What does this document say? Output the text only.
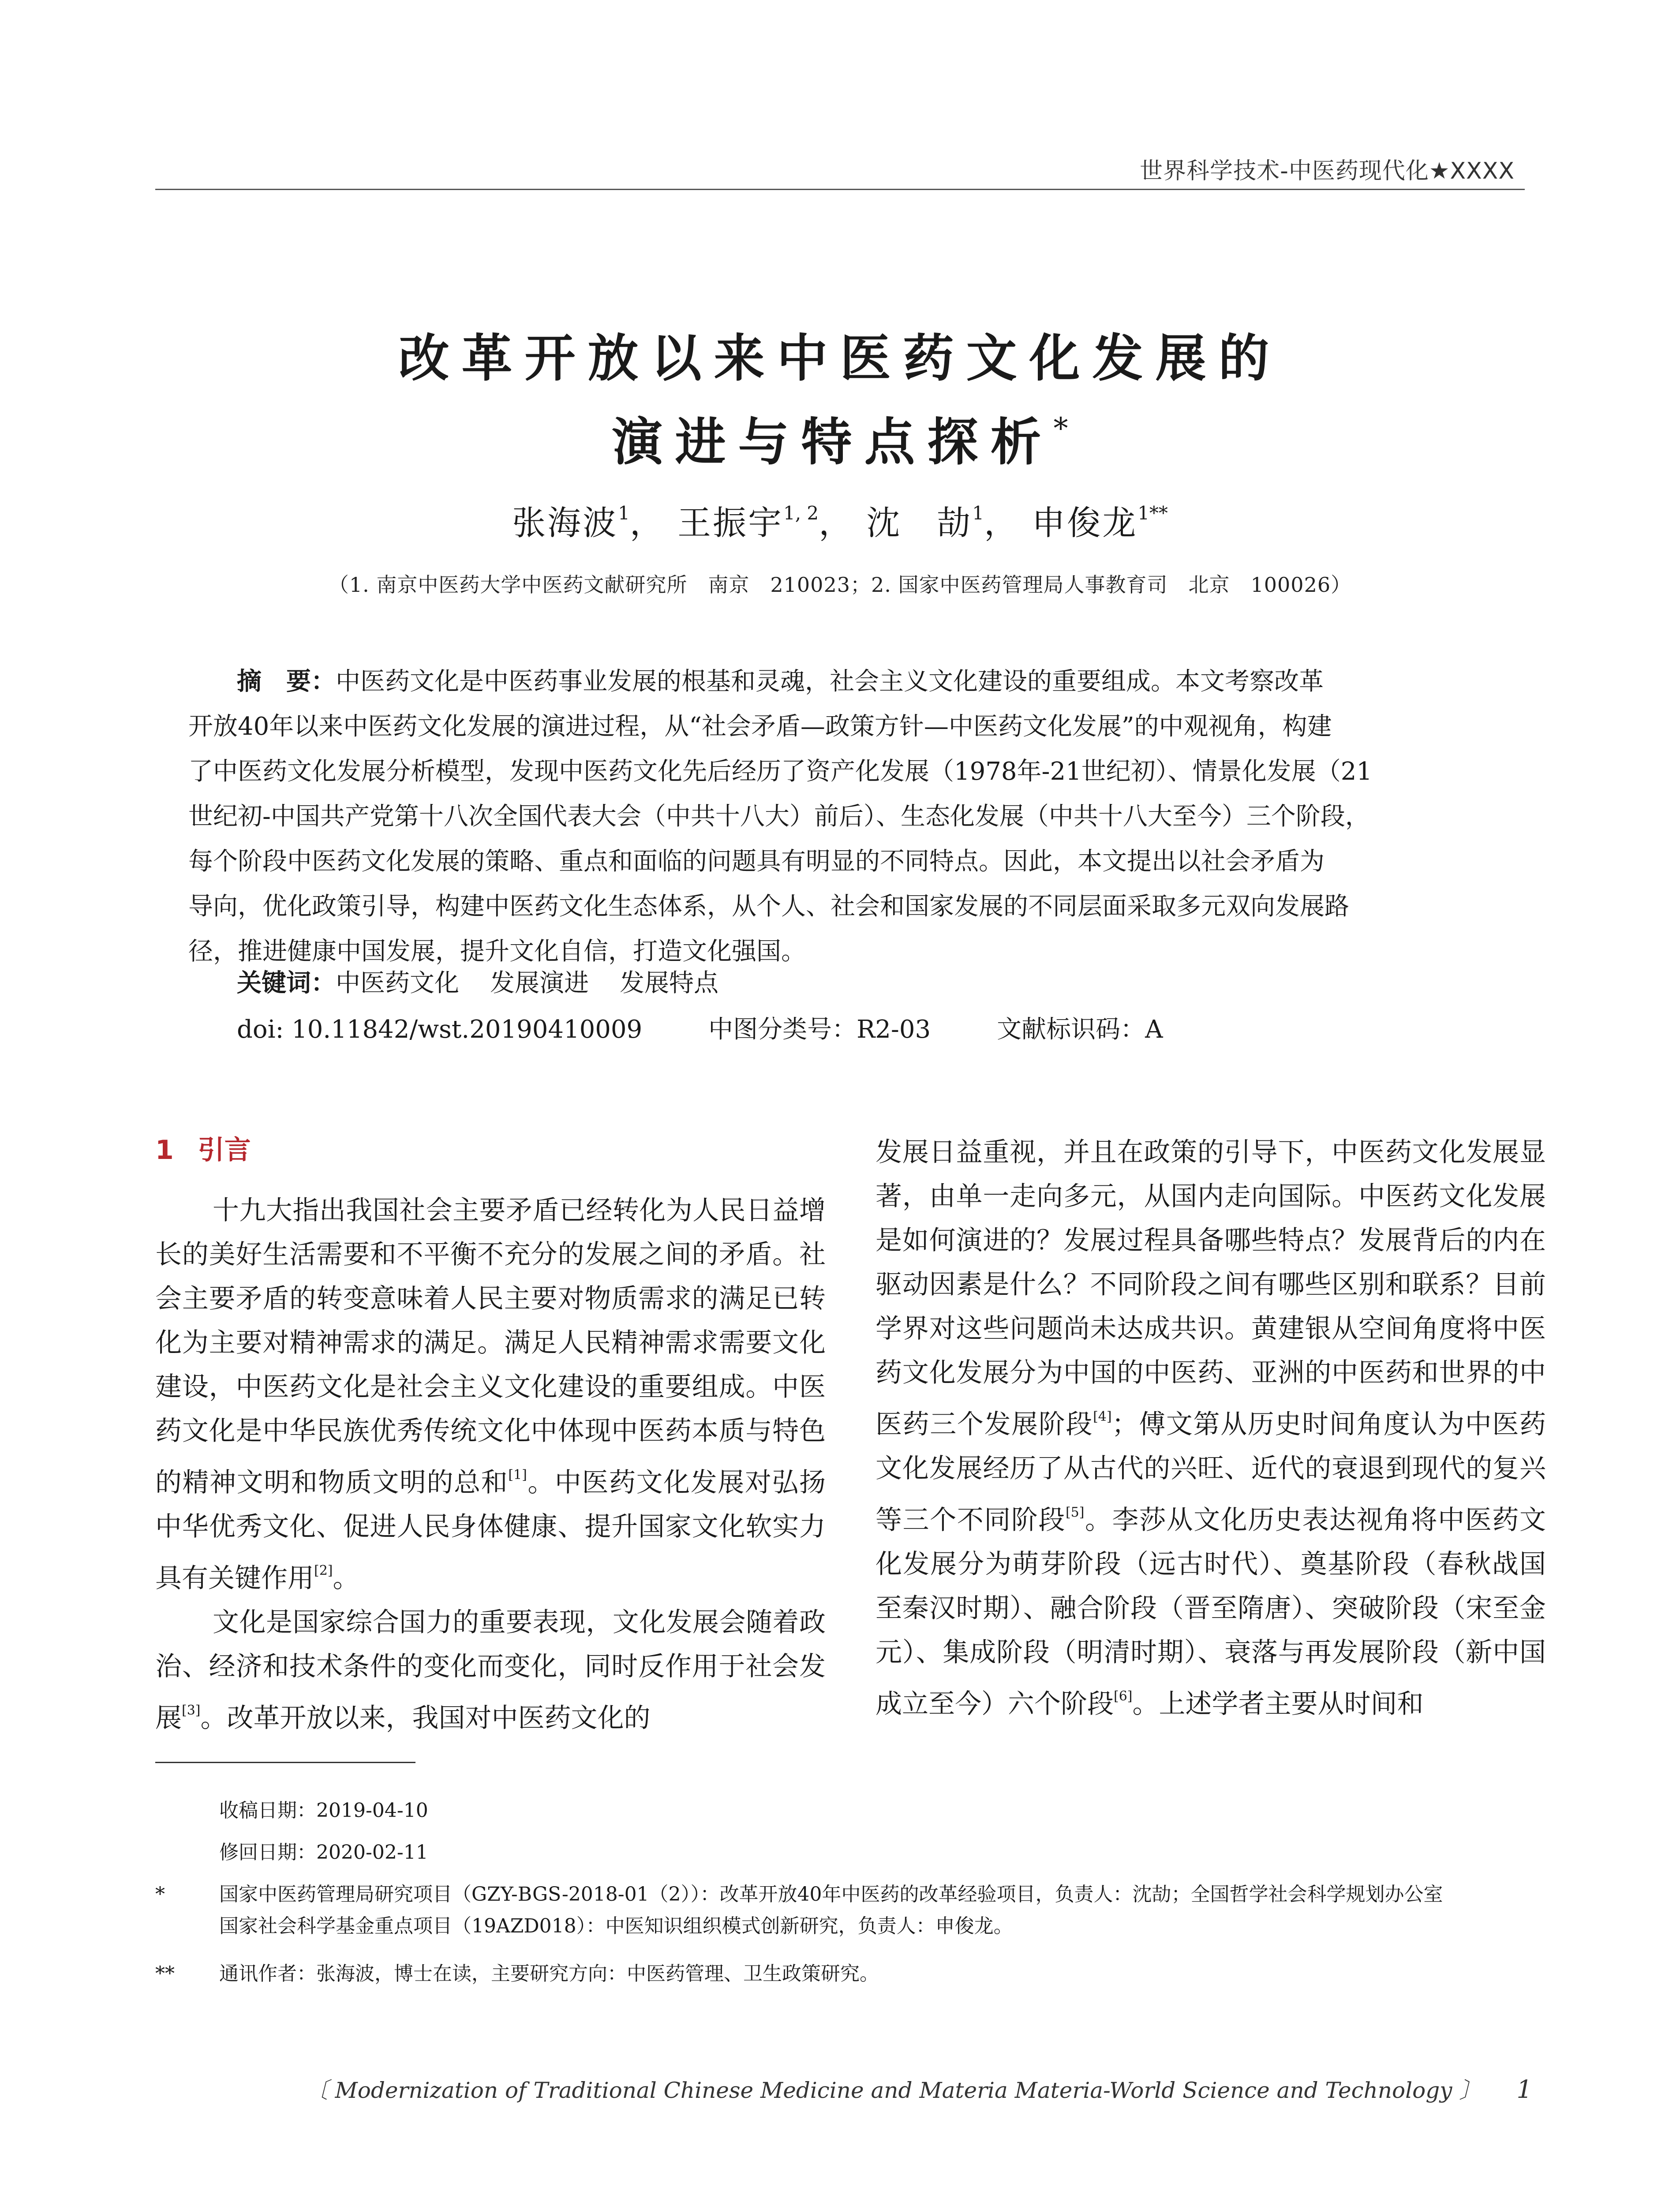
世界科学技术-中医药现代化★XXXX
改革开放以来中医药文化发展的
演进与特点探析*
张海波$^1$， 王振宇$^{1, 2}$， 沈　劼$^1$， 申俊龙$^{1**}$
（1. 南京中医药大学中医药文献研究所　南京　210023；2. 国家中医药管理局人事教育司　北京　100026）
摘　要：中医药文化是中医药事业发展的根基和灵魂，社会主义文化建设的重要组成。本文考察改革
开放40年以来中医药文化发展的演进过程，从“社会矛盾—政策方针—中医药文化发展”的中观视角，构建
了中医药文化发展分析模型，发现中医药文化先后经历了资产化发展（1978年-21世纪初）、情景化发展（21
世纪初-中国共产党第十八次全国代表大会（中共十八大）前后）、生态化发展（中共十八大至今）三个阶段，
每个阶段中医药文化发展的策略、重点和面临的问题具有明显的不同特点。因此，本文提出以社会矛盾为
导向，优化政策引导，构建中医药文化生态体系，从个人、社会和国家发展的不同层面采取多元双向发展路
径，推进健康中国发展，提升文化自信，打造文化强国。
关键词：中医药文化 发展演进 发展特点
doi: 10.11842/wst.20190410009	中图分类号：R2-03	文献标识码：A
1 引言

十九大指出我国社会主要矛盾已经转化为人民日益增长的美好生活需要和不平衡不充分的发展之间的矛盾。社会主要矛盾的转变意味着人民主要对物质需求的满足已转化为主要对精神需求的满足。满足人民精神需求需要文化建设，中医药文化是社会主义文化建设的重要组成。中医药文化是中华民族优秀传统文化中体现中医药本质与特色的精神文明和物质文明的总和[1]。中医药文化发展对弘扬中华优秀文化、促进人民身体健康、提升国家文化软实力具有关键作用[2]。

文化是国家综合国力的重要表现，文化发展会随着政治、经济和技术条件的变化而变化，同时反作用于社会发展[3]。改革开放以来，我国对中医药文化的

发展日益重视，并且在政策的引导下，中医药文化发展显著，由单一走向多元，从国内走向国际。中医药文化发展是如何演进的？发展过程具备哪些特点？发展背后的内在驱动因素是什么？不同阶段之间有哪些区别和联系？目前学界对这些问题尚未达成共识。黄建银从空间角度将中医药文化发展分为中国的中医药、亚洲的中医药和世界的中医药三个发展阶段[4]；傅文第从历史时间角度认为中医药文化发展经历了从古代的兴旺、近代的衰退到现代的复兴等三个不同阶段[5]。李莎从文化历史表达视角将中医药文化发展分为萌芽阶段（远古时代）、奠基阶段（春秋战国至秦汉时期）、融合阶段（晋至隋唐）、突破阶段（宋至金元）、集成阶段（明清时期）、衰落与再发展阶段（新中国成立至今）六个阶段[6]。上述学者主要从时间和

收稿日期：2019-04-10
修回日期：2020-02-11
*	国家中医药管理局研究项目（GZY-BGS-2018-01（2））：改革开放40年中医药的改革经验项目，负责人：沈劼；全国哲学社会科学规划办公室
国家社会科学基金重点项目（19AZD018）：中医知识组织模式创新研究，负责人：申俊龙。
** 通讯作者：张海波，博士在读，主要研究方向：中医药管理、卫生政策研究。
〔 Modernization of Traditional Chinese Medicine and Materia Materia-World Science and Technology 〕 1
